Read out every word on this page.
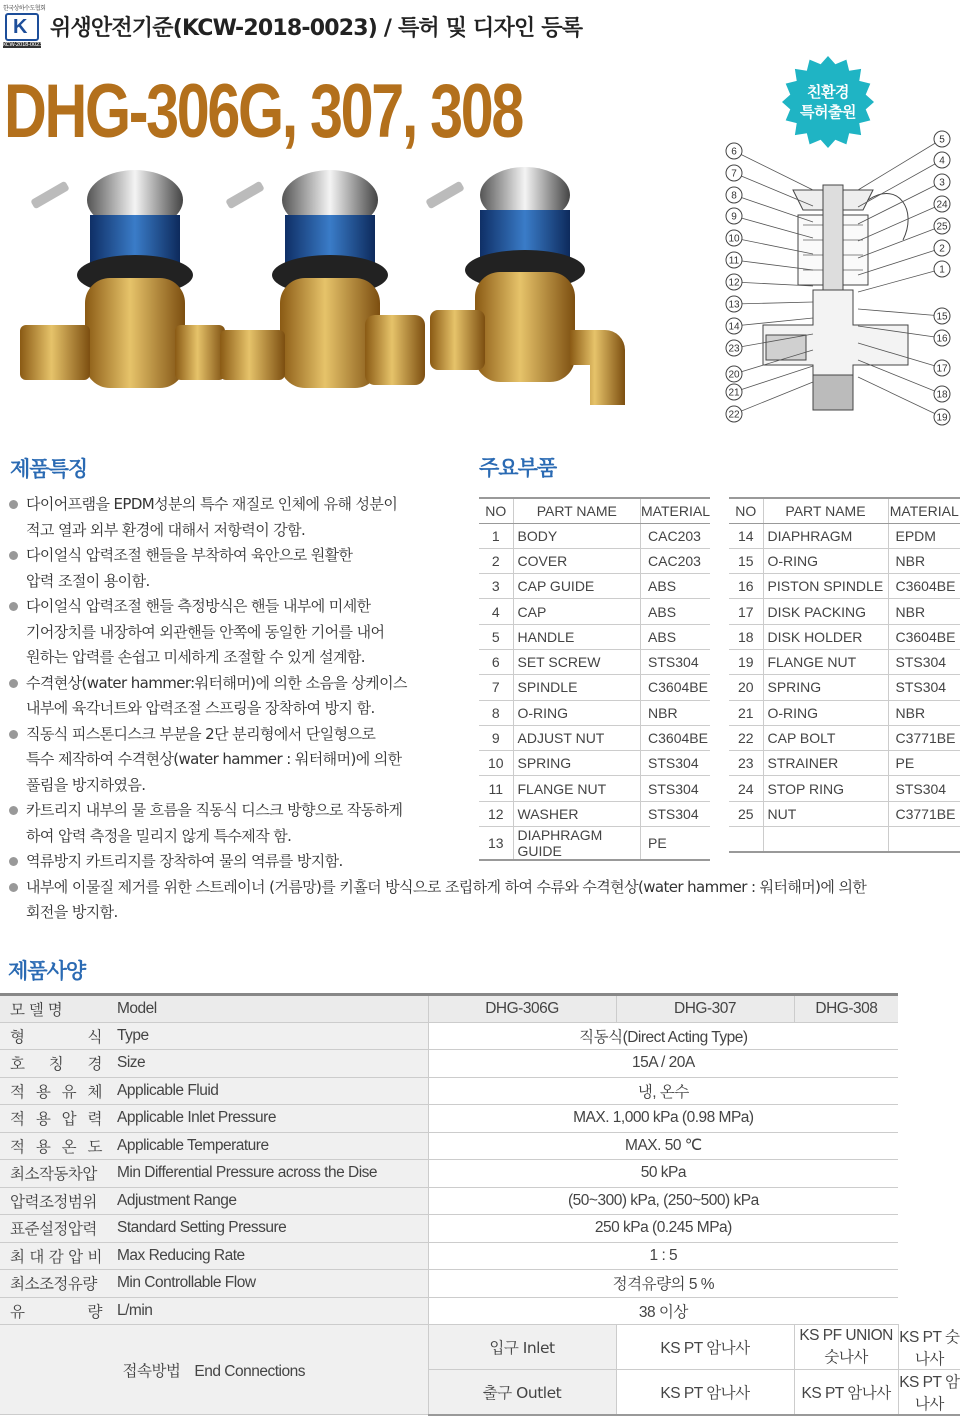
한국상하수도협회
K
KCW-2018-0023
위생안전기준(KCW-2018-0023) / 특허 및 디자인 등록
DHG-306G, 307, 308	친환경
특허출원
6
7
8
9
10
11
12
13
14
23
20
21
22
5
4
3
24
25
2
1
15
16
17
18
19
제품특징
다이어프램을 EPDM성분의 특수 재질로 인체에 유해 성분이
적고 열과 외부 환경에 대해서 저항력이 강함.
다이얼식 압력조절 핸들을 부착하여 육안으로 원활한
압력 조절이 용이함.
다이얼식 압력조절 핸들 측정방식은 핸들 내부에 미세한
기어장치를 내장하여 외관핸들 안쪽에 동일한 기어를 내어
원하는 압력를 손쉽고 미세하게 조절할 수 있게 설계함.
수격현상(water hammer:워터해머)에 의한 소음을 상케이스
내부에 육각너트와 압력조절 스프링을 장착하여 방지 함.
직동식 피스톤디스크 부분을 2단 분리형에서 단일형으로
특수 제작하여 수격현상(water hammer : 워터해머)에 의한
풀림을 방지하였음.
카트리지 내부의 물 흐름을 직동식 디스크 방향으로 작동하게
하여 압력 측정을 밀리지 않게 특수제작 함.
역류방지 카트리지를 장착하여 물의 역류를 방지함.
내부에 이물질 제거를 위한 스트레이너 (거름망)를 키홀더 방식으로 조립하게 하여 수류와 수격현상(water hammer : 워터해머)에 의한
회전을 방지함.
주요부품
NO	PART NAME	MATERIAL
1	BODY	CAC203
2	COVER	CAC203
3	CAP GUIDE	ABS
4	CAP	ABS
5	HANDLE	ABS
6	SET SCREW	STS304
7	SPINDLE	C3604BE
8	O-RING	NBR
9	ADJUST NUT	C3604BE
10	SPRING	STS304
11	FLANGE NUT	STS304
12	WASHER	STS304
13	DIAPHRAGM GUIDE	PE
NO	PART NAME	MATERIAL
14	DIAPHRAGM	EPDM
15	O-RING	NBR
16	PISTON SPINDLE	C3604BE
17	DISK PACKING	NBR
18	DISK HOLDER	C3604BE
19	FLANGE NUT	STS304
20	SPRING	STS304
21	O-RING	NBR
22	CAP BOLT	C3771BE
23	STRAINER	PE
24	STOP RING	STS304
25	NUT	C3771BE

제품사양
모 델 명	Model	DHG-306G	DHG-307	DHG-308	

형 식	Type	직동식(Direct Acting Type)			

호 칭 경	Size	15A / 20A			

적 용 유 체	Applicable Fluid	냉, 온수			

적 용 압 력	Applicable Inlet Pressure	MAX. 1,000 kPa (0.98 MPa)			

적 용 온 도	Applicable Temperature	MAX. 50 ℃			

최소작동차압	Min Differential Pressure across the Dise	50 kPa			

압력조정범위	Adjustment Range	(50~300) kPa, (250~500) kPa			

표준설정압력	Standard Setting Pressure	250 kPa (0.245 MPa)			

최 대 감 압 비	Max Reducing Rate	1 : 5			

최소조정유량	Min Controllable Flow	정격유량의 5 %			

유 량	L/min	38 이상			
접속방법 End Connections		입구 Inlet	KS PT 암나사	KS PF UNION 숫나사	KS PT 숫나사
		출구 Outlet	KS PT 암나사	KS PT 암나사	KS PT 암나사
